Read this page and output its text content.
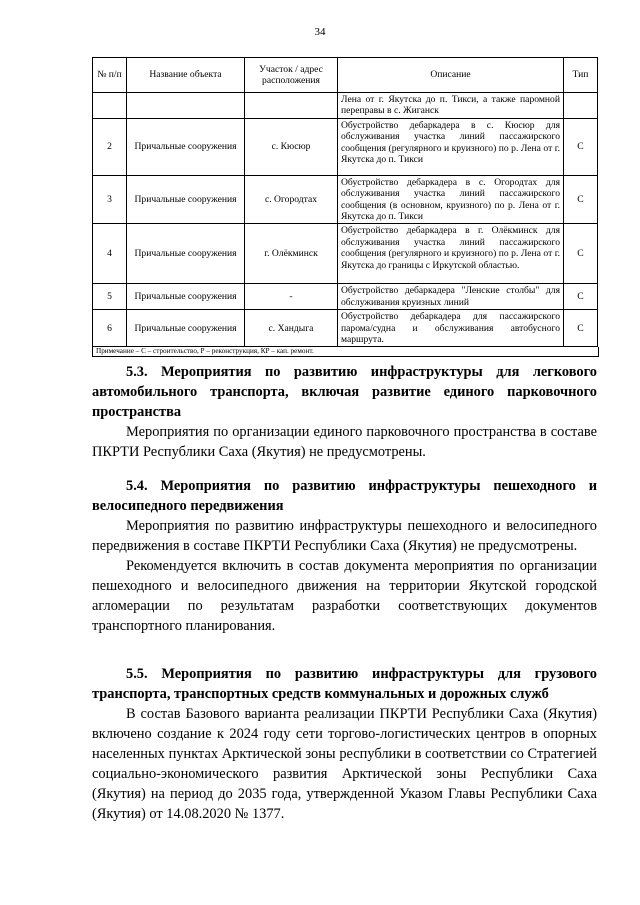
34
№ п/п	Название объекта	Участок / адрес расположения	Описание	Тип
			Лена от г. Якутска до п. Тикси, а также паромной переправы в с. Жиганск	
2	Причальные сооружения	с. Кюсюр	Обустройство дебаркадера в с. Кюсюр для обслуживания участка линий пассажирского сообщения (регулярного и круизного) по р. Лена от г. Якутска до п. Тикси	С
3	Причальные сооружения	с. Огородтах	Обустройство дебаркадера в с. Огородтах для обслуживания участка линий пассажирского сообщения (в основном, круизного) по р. Лена от г. Якутска до п. Тикси	С
4	Причальные сооружения	г. Олёкминск	Обустройство дебаркадера в г. Олёкминск для обслуживания участка линий пассажирского сообщения (регулярного и круизного) по р. Лена от г. Якутска до границы с Иркутской областью.	С
5	Причальные сооружения	-	Обустройство дебаркадера "Ленские столбы" для обслуживания круизных линий	С
6	Причальные сооружения	с. Хандыга	Обустройство дебаркадера для пассажирского парома/судна и обслуживания автобусного маршрута.	С
Примечание – С – строительство, Р – реконструкция, КР – кап. ремонт.

5.3. Мероприятия по развитию инфраструктуры для легкового автомобильного транспорта, включая развитие единого парковочного пространства

Мероприятия по организации единого парковочного пространства в составе ПКРТИ Республики Саха (Якутия) не предусмотрены.

5.4. Мероприятия по развитию инфраструктуры пешеходного и велосипедного передвижения

Мероприятия по развитию инфраструктуры пешеходного и велосипедного передвижения в составе ПКРТИ Республики Саха (Якутия) не предусмотрены.

Рекомендуется включить в состав документа мероприятия по организации пешеходного и велосипедного движения на территории Якутской городской агломерации по результатам разработки соответствующих документов транспортного планирования.

5.5. Мероприятия по развитию инфраструктуры для грузового транспорта, транспортных средств коммунальных и дорожных служб

В состав Базового варианта реализации ПКРТИ Республики Саха (Якутия) включено создание к 2024 году сети торгово-логистических центров в опорных населенных пунктах Арктической зоны республики в соответствии со Стратегией социально-экономического развития Арктической зоны Республики Саха (Якутия) на период до 2035 года, утвержденной Указом Главы Республики Саха (Якутия) от 14.08.2020 № 1377.
